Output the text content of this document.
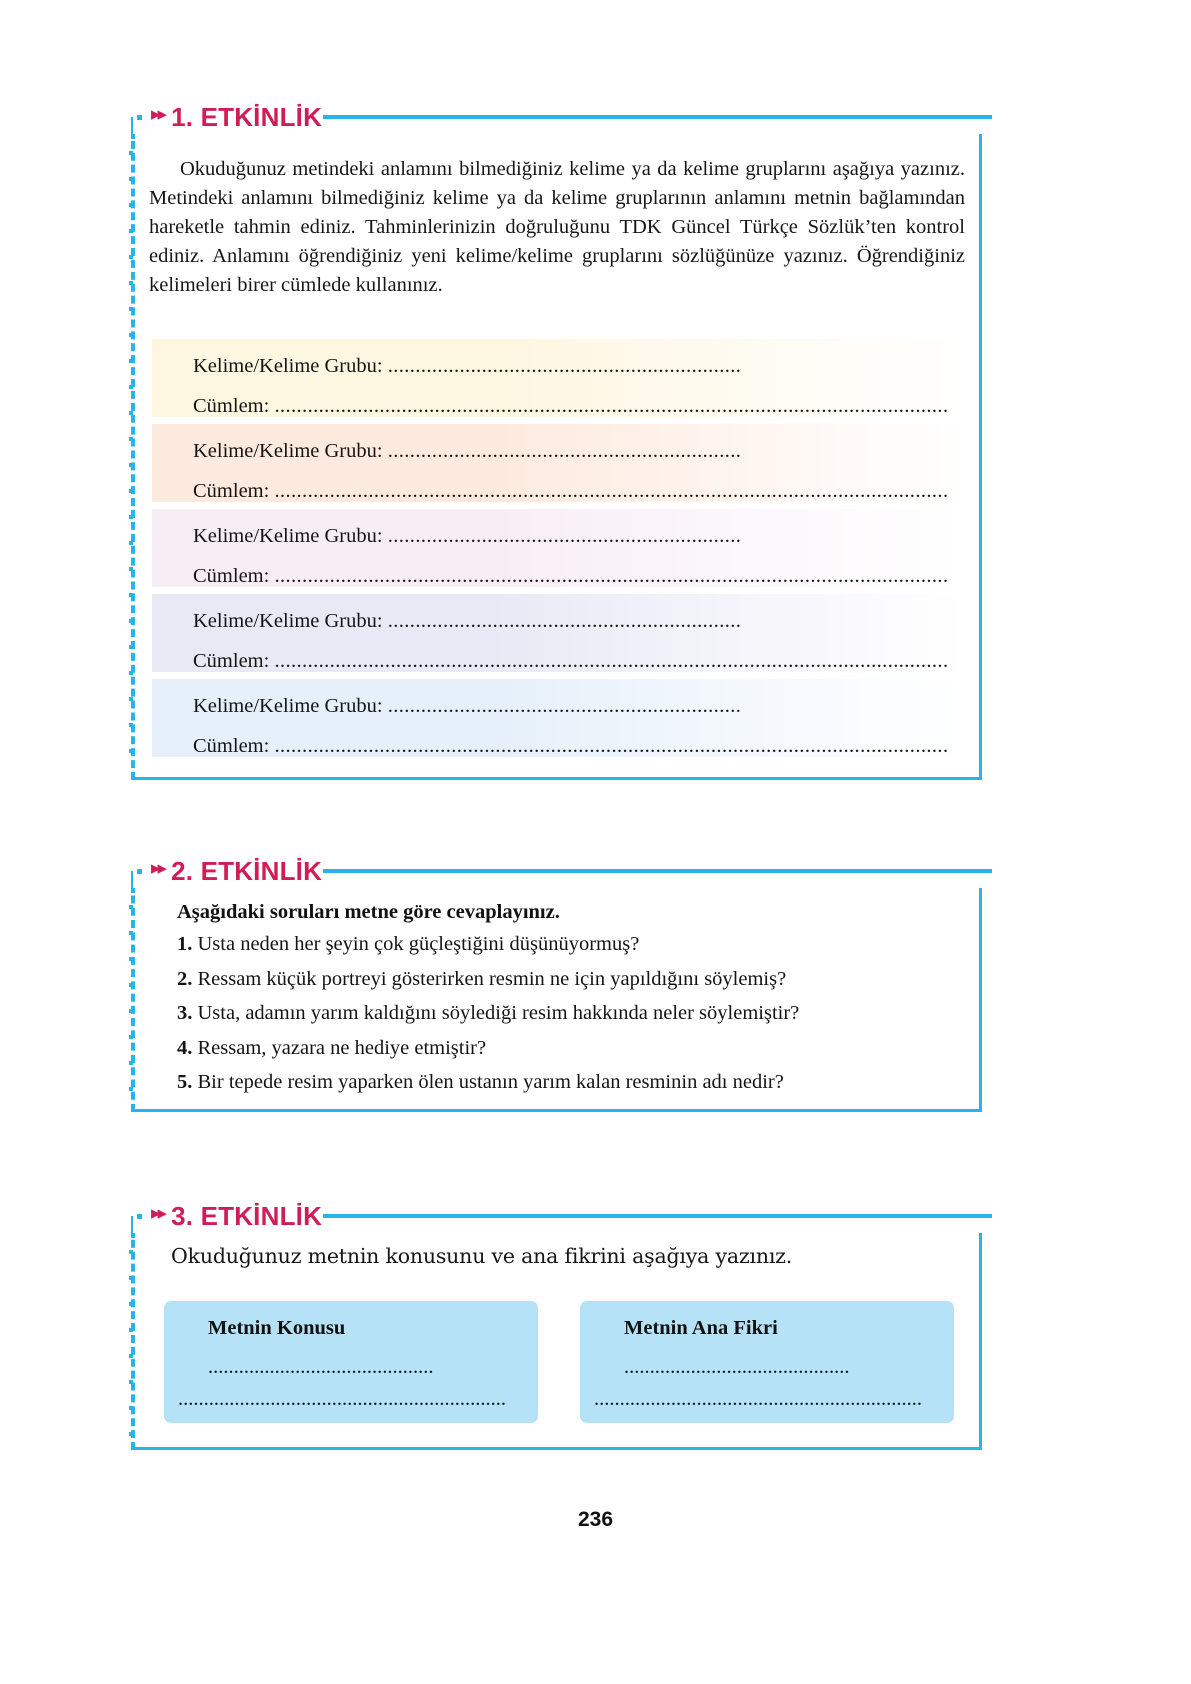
Okuduğunuz metindeki anlamını bilmediğiniz kelime ya da kelime gruplarını aşağıya yazınız. Metindeki anlamını bilmediğiniz kelime ya da kelime gruplarının anlamını metnin bağlamından hareketle tahmin ediniz. Tahminlerinizin doğruluğunu TDK Güncel Türkçe Sözlük’ten kontrol ediniz. Anlamını öğrendiğiniz yeni kelime/kelime gruplarını sözlüğünüze yazınız. Öğrendiğiniz kelimeleri birer cümlede kullanınız.
Kelime/Kelime Grubu: ................................................................
Cümlem: ..........................................................................................................................
Kelime/Kelime Grubu: ................................................................
Cümlem: ..........................................................................................................................
Kelime/Kelime Grubu: ................................................................
Cümlem: ..........................................................................................................................
Kelime/Kelime Grubu: ................................................................
Cümlem: ..........................................................................................................................
Kelime/Kelime Grubu: ................................................................
Cümlem: ..........................................................................................................................
▸▸ 1. ETKİNLİK
Aşağıdaki soruları metne göre cevaplayınız.
1. Usta neden her şeyin çok güçleştiğini düşünüyormuş?
2. Ressam küçük portreyi gösterirken resmin ne için yapıldığını söylemiş?
3. Usta, adamın yarım kaldığını söylediği resim hakkında neler söylemiştir?
4. Ressam, yazara ne hediye etmiştir?
5. Bir tepede resim yaparken ölen ustanın yarım kalan resminin adı nedir?
▸▸ 2. ETKİNLİK
Okuduğunuz metnin konusunu ve ana fikrini aşağıya yazınız.
Metnin Konusu
............................................
................................................................
Metnin Ana Fikri
............................................
................................................................
▸▸ 3. ETKİNLİK
236
